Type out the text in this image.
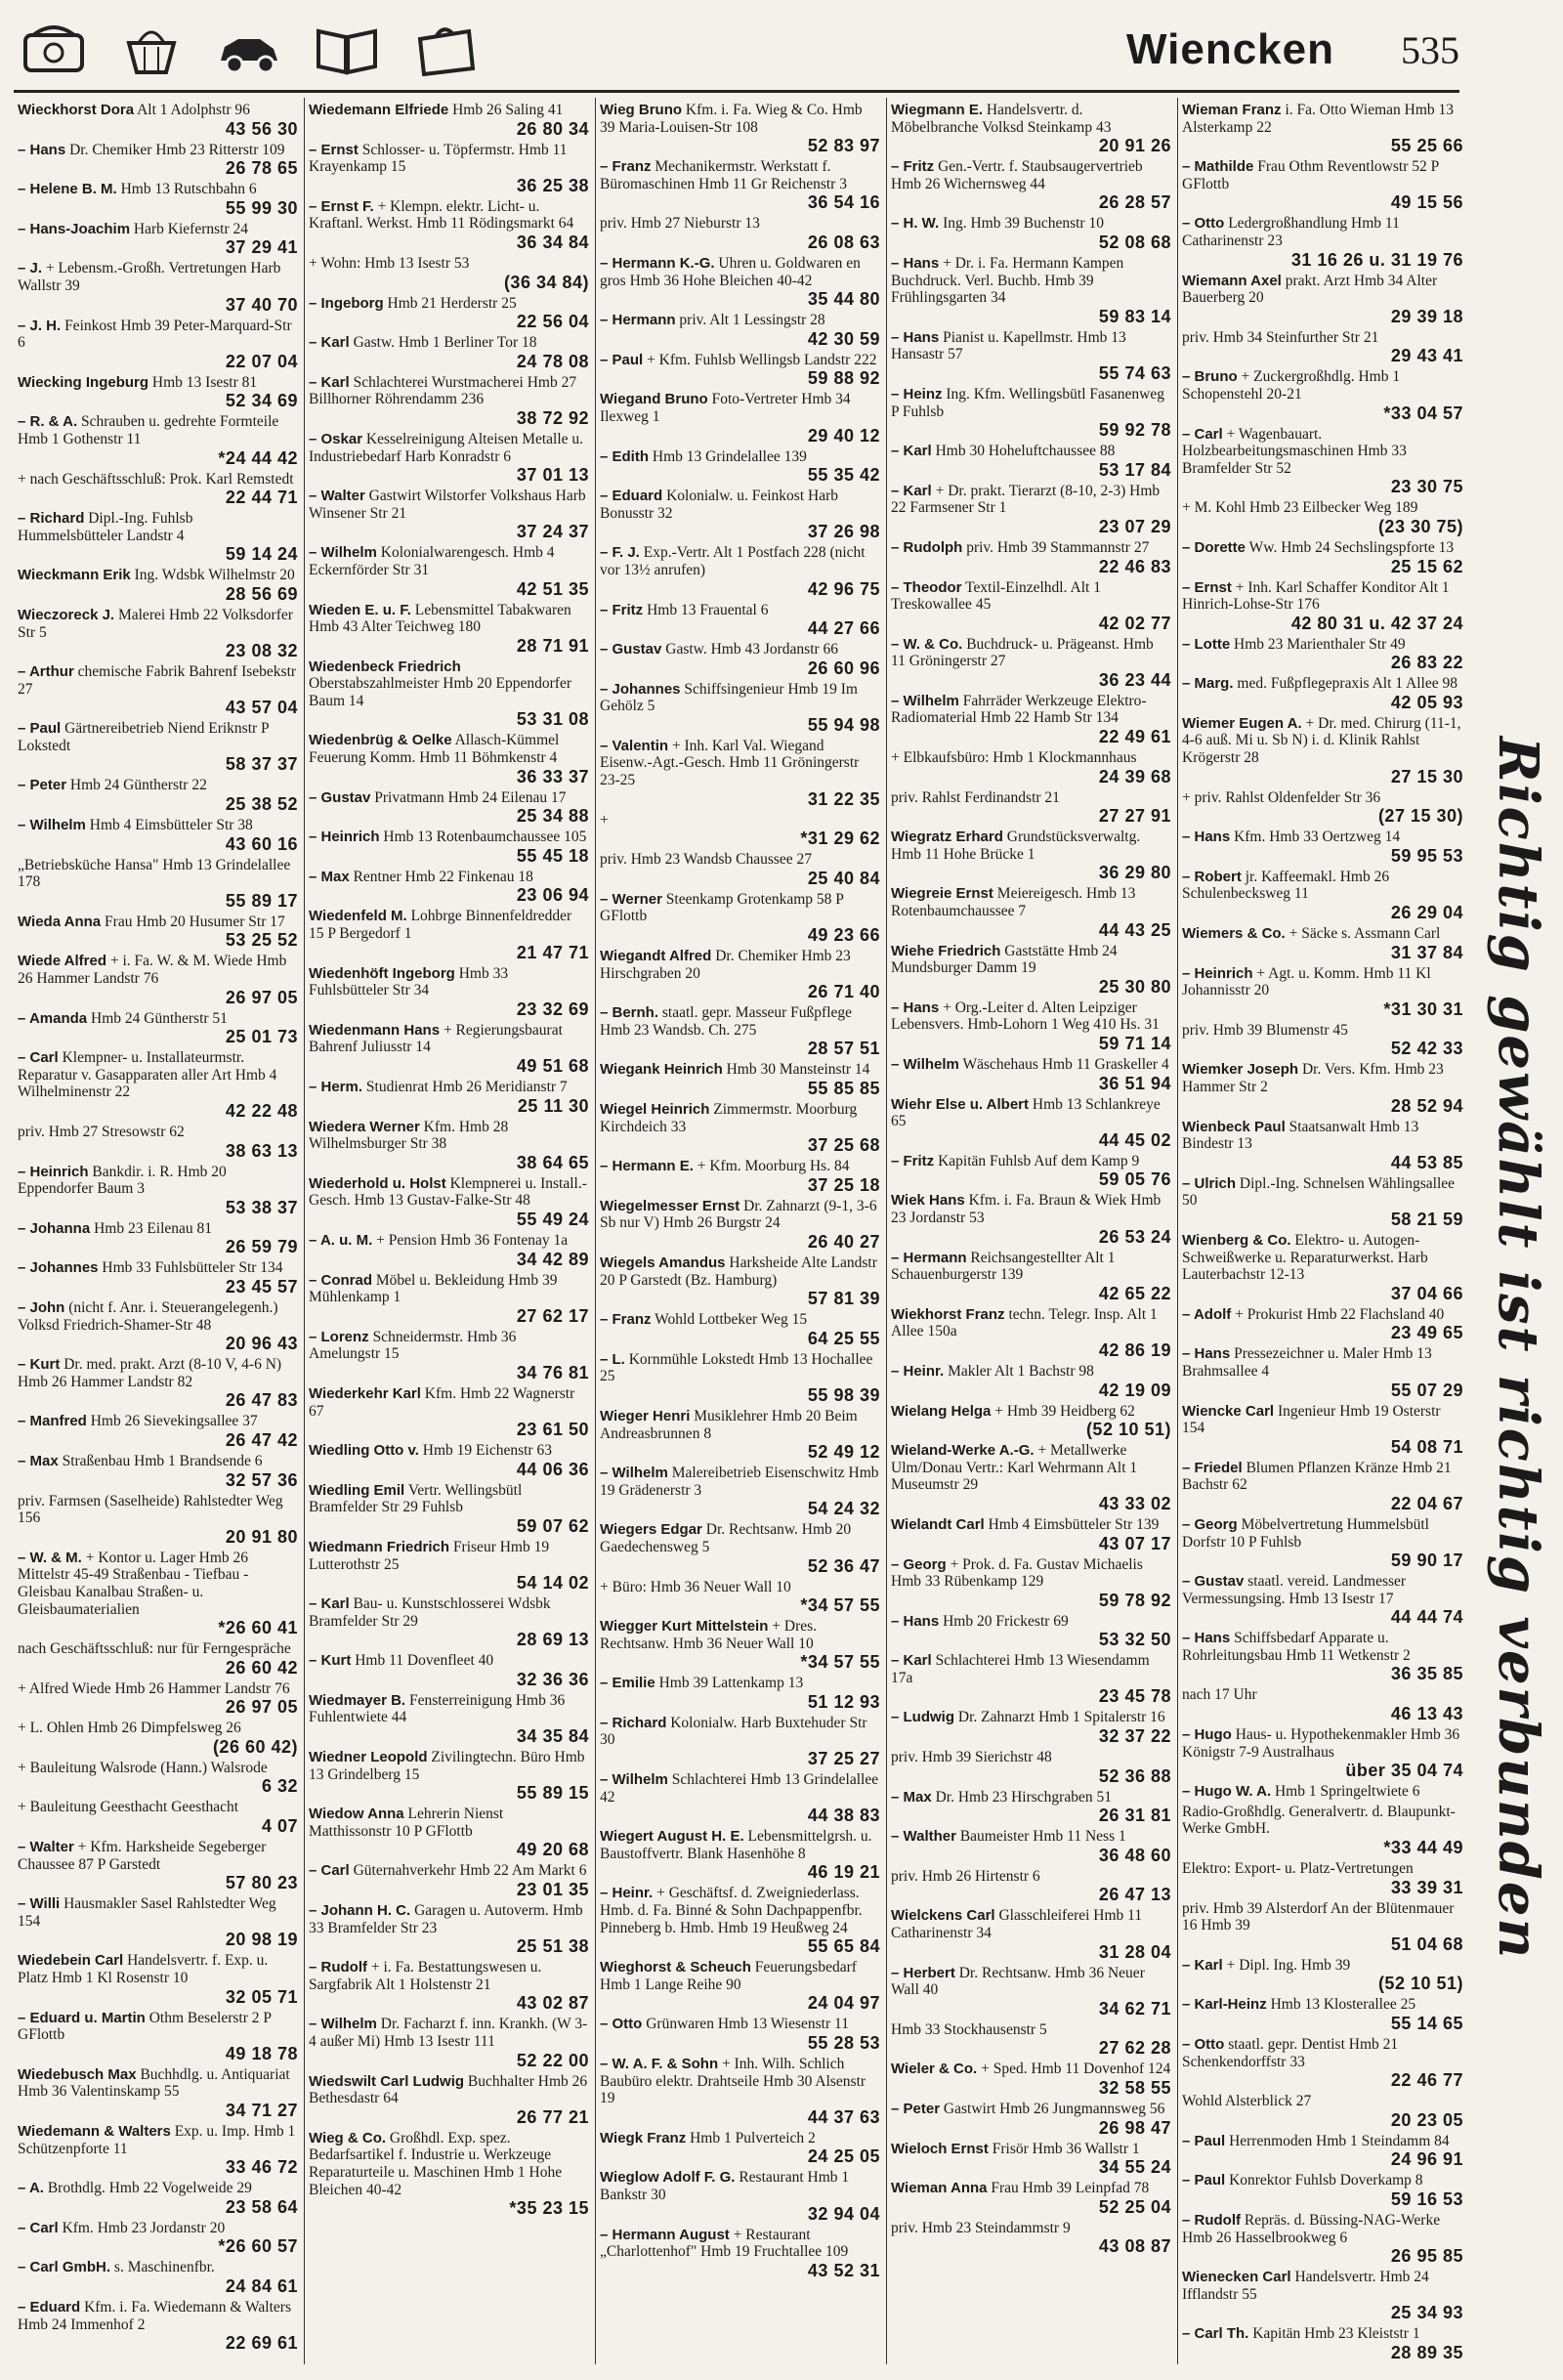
Wiencken 535
Wieckhorst Dora Alt 1 Adolphstr 96
43 56 30
– Hans Dr. Chemiker Hmb 23 Ritterstr 109
26 78 65
– Helene B. M. Hmb 13 Rutschbahn 6
55 99 30
– Hans-Joachim Harb Kiefernstr 24
37 29 41
– J. + Lebensm.-Großh. Vertretungen Harb Wallstr 39
37 40 70
– J. H. Feinkost Hmb 39 Peter-Marquard-Str 6
22 07 04
Wiecking Ingeburg Hmb 13 Isestr 81
52 34 69
– R. & A. Schrauben u. gedrehte Formteile Hmb 1 Gothenstr 11
*24 44 42
+ nach Geschäftsschluß: Prok. Karl Remstedt
22 44 71
– Richard Dipl.-Ing. Fuhlsb Hummelsbütteler Landstr 4
59 14 24
Wieckmann Erik Ing. Wdsbk Wilhelmstr 20
28 56 69
Wieczoreck J. Malerei Hmb 22 Volksdorfer Str 5
23 08 32
– Arthur chemische Fabrik Bahrenf Isebekstr 27
43 57 04
– Paul Gärtnereibetrieb Niend Eriknstr P Lokstedt
58 37 37
– Peter Hmb 24 Güntherstr 22
25 38 52
– Wilhelm Hmb 4 Eimsbütteler Str 38
43 60 16
„Betriebsküche Hansa" Hmb 13 Grindelallee 178
55 89 17
Wieda Anna Frau Hmb 20 Husumer Str 17
53 25 52
Wiede Alfred + i. Fa. W. & M. Wiede Hmb 26 Hammer Landstr 76
26 97 05
– Amanda Hmb 24 Güntherstr 51
25 01 73
– Carl Klempner- u. Installateurmstr. Reparatur v. Gasapparaten aller Art Hmb 4 Wilhelminenstr 22
42 22 48
priv. Hmb 27 Stresowstr 62
38 63 13
– Heinrich Bankdir. i. R. Hmb 20 Eppendorfer Baum 3
53 38 37
– Johanna Hmb 23 Eilenau 81
26 59 79
– Johannes Hmb 33 Fuhlsbütteler Str 134
23 45 57
– John (nicht f. Anr. i. Steuerangelegenh.) Volksd Friedrich-Shamer-Str 48
20 96 43
– Kurt Dr. med. prakt. Arzt (8-10 V, 4-6 N) Hmb 26 Hammer Landstr 82
26 47 83
– Manfred Hmb 26 Sievekingsallee 37
26 47 42
– Max Straßenbau Hmb 1 Brandsende 6
32 57 36
priv. Farmsen (Saselheide) Rahlstedter Weg 156
20 91 80
– W. & M. + Kontor u. Lager Hmb 26 Mittelstr 45-49 Straßenbau - Tiefbau - Gleisbau Kanalbau Straßen- u. Gleisbaumaterialien
*26 60 41
nach Geschäftsschluß: nur für Ferngespräche
26 60 42
+ Alfred Wiede Hmb 26 Hammer Landstr 76
26 97 05
+ L. Ohlen Hmb 26 Dimpfelsweg 26
(26 60 42)
+ Bauleitung Walsrode (Hann.) Walsrode
6 32
+ Bauleitung Geesthacht Geesthacht
4 07
– Walter + Kfm. Harksheide Segeberger Chaussee 87 P Garstedt
57 80 23
– Willi Hausmakler Sasel Rahlstedter Weg 154
20 98 19
Wiedebein Carl Handelsvertr. f. Exp. u. Platz Hmb 1 Kl Rosenstr 10
32 05 71
– Eduard u. Martin Othm Beselerstr 2 P GFlottb
49 18 78
Wiedebusch Max Buchhdlg. u. Antiquariat Hmb 36 Valentinskamp 55
34 71 27
Wiedemann & Walters Exp. u. Imp. Hmb 1 Schützenpforte 11
33 46 72
– A. Brothdlg. Hmb 22 Vogelweide 29
23 58 64
– Carl Kfm. Hmb 23 Jordanstr 20
*26 60 57
– Carl GmbH. s. Maschinenfbr.
24 84 61
– Eduard Kfm. i. Fa. Wiedemann & Walters Hmb 24 Immenhof 2
22 69 61
Wiedemann Elfriede Hmb 26 Saling 41
26 80 34
– Ernst Schlosser- u. Töpfermstr. Hmb 11 Krayenkamp 15
36 25 38
– Ernst F. + Klempn. elektr. Licht- u. Kraftanl. Werkst. Hmb 11 Rödingsmarkt 64
36 34 84
+ Wohn: Hmb 13 Isestr 53
(36 34 84)
– Ingeborg Hmb 21 Herderstr 25
22 56 04
– Karl Gastw. Hmb 1 Berliner Tor 18
24 78 08
– Karl Schlachterei Wurstmacherei Hmb 27 Billhorner Röhrendamm 236
38 72 92
– Oskar Kesselreinigung Alteisen Metalle u. Industriebedarf Harb Konradstr 6
37 01 13
– Walter Gastwirt Wilstorfer Volkshaus Harb Winsener Str 21
37 24 37
– Wilhelm Kolonialwarengesch. Hmb 4 Eckernförder Str 31
42 51 35
Wieden E. u. F. Lebensmittel Tabakwaren Hmb 43 Alter Teichweg 180
28 71 91
Wiedenbeck Friedrich Oberstabszahlmeister Hmb 20 Eppendorfer Baum 14
53 31 08
Wiedenbrüg & Oelke Allasch-Kümmel Feuerung Komm. Hmb 11 Böhmkenstr 4
36 33 37
– Gustav Privatmann Hmb 24 Eilenau 17
25 34 88
– Heinrich Hmb 13 Rotenbaumchaussee 105
55 45 18
– Max Rentner Hmb 22 Finkenau 18
23 06 94
Wiedenfeld M. Lohbrge Binnenfeldredder 15 P Bergedorf 1
21 47 71
Wiedenhöft Ingeborg Hmb 33 Fuhlsbütteler Str 34
23 32 69
Wiedenmann Hans + Regierungsbaurat Bahrenf Juliusstr 14
49 51 68
– Herm. Studienrat Hmb 26 Meridianstr 7
25 11 30
Wiedera Werner Kfm. Hmb 28 Wilhelmsburger Str 38
38 64 65
Wiederhold u. Holst Klempnerei u. Install.-Gesch. Hmb 13 Gustav-Falke-Str 48
55 49 24
– A. u. M. + Pension Hmb 36 Fontenay 1a
34 42 89
– Conrad Möbel u. Bekleidung Hmb 39 Mühlenkamp 1
27 62 17
– Lorenz Schneidermstr. Hmb 36 Amelungstr 15
34 76 81
Wiederkehr Karl Kfm. Hmb 22 Wagnerstr 67
23 61 50
Wiedling Otto v. Hmb 19 Eichenstr 63
44 06 36
Wiedling Emil Vertr. Wellingsbütl Bramfelder Str 29 Fuhlsb
59 07 62
Wiedmann Friedrich Friseur Hmb 19 Lutterothstr 25
54 14 02
– Karl Bau- u. Kunstschlosserei Wdsbk Bramfelder Str 29
28 69 13
– Kurt Hmb 11 Dovenfleet 40
32 36 36
Wiedmayer B. Fensterreinigung Hmb 36 Fuhlentwiete 44
34 35 84
Wiedner Leopold Zivilingtechn. Büro Hmb 13 Grindelberg 15
55 89 15
Wiedow Anna Lehrerin Nienst Matthissonstr 10 P GFlottb
49 20 68
– Carl Güternahverkehr Hmb 22 Am Markt 6
23 01 35
– Johann H. C. Garagen u. Autoverm. Hmb 33 Bramfelder Str 23
25 51 38
– Rudolf + i. Fa. Bestattungswesen u. Sargfabrik Alt 1 Holstenstr 21
43 02 87
– Wilhelm Dr. Facharzt f. inn. Krankh. (W 3-4 außer Mi) Hmb 13 Isestr 111
52 22 00
Wiedswilt Carl Ludwig Buchhalter Hmb 26 Bethesdastr 64
26 77 21
Wieg & Co. Großhdl. Exp. spez. Bedarfsartikel f. Industrie u. Werkzeuge Reparaturteile u. Maschinen Hmb 1 Hohe Bleichen 40-42
*35 23 15
Wieg Bruno Kfm. i. Fa. Wieg & Co. Hmb 39 Maria-Louisen-Str 108
52 83 97
– Franz Mechanikermstr. Werkstatt f. Büromaschinen Hmb 11 Gr Reichenstr 3
36 54 16
priv. Hmb 27 Nieburstr 13
26 08 63
– Hermann K.-G. Uhren u. Goldwaren en gros Hmb 36 Hohe Bleichen 40-42
35 44 80
– Hermann priv. Alt 1 Lessingstr 28
42 30 59
– Paul + Kfm. Fuhlsb Wellingsb Landstr 222
59 88 92
Wiegand Bruno Foto-Vertreter Hmb 34 Ilexweg 1
29 40 12
– Edith Hmb 13 Grindelallee 139
55 35 42
– Eduard Kolonialw. u. Feinkost Harb Bonusstr 32
37 26 98
– F. J. Exp.-Vertr. Alt 1 Postfach 228 (nicht vor 13½ anrufen)
42 96 75
– Fritz Hmb 13 Frauental 6
44 27 66
– Gustav Gastw. Hmb 43 Jordanstr 66
26 60 96
– Johannes Schiffsingenieur Hmb 19 Im Gehölz 5
55 94 98
– Valentin + Inh. Karl Val. Wiegand Eisenw.-Agt.-Gesch. Hmb 11 Gröningerstr 23-25
31 22 35
+
*31 29 62
priv. Hmb 23 Wandsb Chaussee 27
25 40 84
– Werner Steenkamp Grotenkamp 58 P GFlottb
49 23 66
Wiegandt Alfred Dr. Chemiker Hmb 23 Hirschgraben 20
26 71 40
– Bernh. staatl. gepr. Masseur Fußpflege Hmb 23 Wandsb. Ch. 275
28 57 51
Wiegank Heinrich Hmb 30 Mansteinstr 14
55 85 85
Wiegel Heinrich Zimmermstr. Moorburg Kirchdeich 33
37 25 68
– Hermann E. + Kfm. Moorburg Hs. 84
37 25 18
Wiegelmesser Ernst Dr. Zahnarzt (9-1, 3-6 Sb nur V) Hmb 26 Burgstr 24
26 40 27
Wiegels Amandus Harksheide Alte Landstr 20 P Garstedt (Bz. Hamburg)
57 81 39
– Franz Wohld Lottbeker Weg 15
64 25 55
– L. Kornmühle Lokstedt Hmb 13 Hochallee 25
55 98 39
Wieger Henri Musiklehrer Hmb 20 Beim Andreasbrunnen 8
52 49 12
– Wilhelm Malereibetrieb Eisenschwitz Hmb 19 Grädenerstr 3
54 24 32
Wiegers Edgar Dr. Rechtsanw. Hmb 20 Gaedechensweg 5
52 36 47
+ Büro: Hmb 36 Neuer Wall 10
*34 57 55
Wiegger Kurt Mittelstein + Dres. Rechtsanw. Hmb 36 Neuer Wall 10
*34 57 55
– Emilie Hmb 39 Lattenkamp 13
51 12 93
– Richard Kolonialw. Harb Buxtehuder Str 30
37 25 27
– Wilhelm Schlachterei Hmb 13 Grindelallee 42
44 38 83
Wiegert August H. E. Lebensmittelgrsh. u. Baustoffvertr. Blank Hasenhöhe 8
46 19 21
– Heinr. + Geschäftsf. d. Zweigniederlass. Hmb. d. Fa. Binné & Sohn Dachpappenfbr. Pinneberg b. Hmb. Hmb 19 Heußweg 24
55 65 84
Wieghorst & Scheuch Feuerungsbedarf Hmb 1 Lange Reihe 90
24 04 97
– Otto Grünwaren Hmb 13 Wiesenstr 11
55 28 53
– W. A. F. & Sohn + Inh. Wilh. Schlich Baubüro elektr. Drahtseile Hmb 30 Alsenstr 19
44 37 63
Wiegk Franz Hmb 1 Pulverteich 2
24 25 05
Wieglow Adolf F. G. Restaurant Hmb 1 Bankstr 30
32 94 04
– Hermann August + Restaurant „Charlottenhof" Hmb 19 Fruchtallee 109
43 52 31
Wiegmann E. Handelsvertr. d. Möbelbranche Volksd Steinkamp 43
20 91 26
– Fritz Gen.-Vertr. f. Staubsaugervertrieb Hmb 26 Wichernsweg 44
26 28 57
– H. W. Ing. Hmb 39 Buchenstr 10
52 08 68
– Hans + Dr. i. Fa. Hermann Kampen Buchdruck. Verl. Buchb. Hmb 39 Frühlingsgarten 34
59 83 14
– Hans Pianist u. Kapellmstr. Hmb 13 Hansastr 57
55 74 63
– Heinz Ing. Kfm. Wellingsbütl Fasanenweg P Fuhlsb
59 92 78
– Karl Hmb 30 Hoheluftchaussee 88
53 17 84
– Karl + Dr. prakt. Tierarzt (8-10, 2-3) Hmb 22 Farmsener Str 1
23 07 29
– Rudolph priv. Hmb 39 Stammannstr 27
22 46 83
– Theodor Textil-Einzelhdl. Alt 1 Treskowallee 45
42 02 77
– W. & Co. Buchdruck- u. Prägeanst. Hmb 11 Gröningerstr 27
36 23 44
– Wilhelm Fahrräder Werkzeuge Elektro-Radiomaterial Hmb 22 Hamb Str 134
22 49 61
+ Elbkaufsbüro: Hmb 1 Klockmannhaus
24 39 68
priv. Rahlst Ferdinandstr 21
27 27 91
Wiegratz Erhard Grundstücksverwaltg. Hmb 11 Hohe Brücke 1
36 29 80
Wiegreie Ernst Meiereigesch. Hmb 13 Rotenbaumchaussee 7
44 43 25
Wiehe Friedrich Gaststätte Hmb 24 Mundsburger Damm 19
25 30 80
– Hans + Org.-Leiter d. Alten Leipziger Lebensvers. Hmb-Lohorn 1 Weg 410 Hs. 31
59 71 14
– Wilhelm Wäschehaus Hmb 11 Graskeller 4
36 51 94
Wiehr Else u. Albert Hmb 13 Schlankreye 65
44 45 02
– Fritz Kapitän Fuhlsb Auf dem Kamp 9
59 05 76
Wiek Hans Kfm. i. Fa. Braun & Wiek Hmb 23 Jordanstr 53
26 53 24
– Hermann Reichsangestellter Alt 1 Schauenburgerstr 139
42 65 22
Wiekhorst Franz techn. Telegr. Insp. Alt 1 Allee 150a
42 86 19
– Heinr. Makler Alt 1 Bachstr 98
42 19 09
Wielang Helga + Hmb 39 Heidberg 62
(52 10 51)
Wieland-Werke A.-G. + Metallwerke Ulm/Donau Vertr.: Karl Wehrmann Alt 1 Museumstr 29
43 33 02
Wielandt Carl Hmb 4 Eimsbütteler Str 139
43 07 17
– Georg + Prok. d. Fa. Gustav Michaelis Hmb 33 Rübenkamp 129
59 78 92
– Hans Hmb 20 Frickestr 69
53 32 50
– Karl Schlachterei Hmb 13 Wiesendamm 17a
23 45 78
– Ludwig Dr. Zahnarzt Hmb 1 Spitalerstr 16
32 37 22
priv. Hmb 39 Sierichstr 48
52 36 88
– Max Dr. Hmb 23 Hirschgraben 51
26 31 81
– Walther Baumeister Hmb 11 Ness 1
36 48 60
priv. Hmb 26 Hirtenstr 6
26 47 13
Wielckens Carl Glasschleiferei Hmb 11 Catharinenstr 34
31 28 04
– Herbert Dr. Rechtsanw. Hmb 36 Neuer Wall 40
34 62 71
Hmb 33 Stockhausenstr 5
27 62 28
Wieler & Co. + Sped. Hmb 11 Dovenhof 124
32 58 55
– Peter Gastwirt Hmb 26 Jungmannsweg 56
26 98 47
Wieloch Ernst Frisör Hmb 36 Wallstr 1
34 55 24
Wieman Anna Frau Hmb 39 Leinpfad 78
52 25 04
priv. Hmb 23 Steindammstr 9
43 08 87
Wieman Franz i. Fa. Otto Wieman Hmb 13 Alsterkamp 22
55 25 66
– Mathilde Frau Othm Reventlowstr 52 P GFlottb
49 15 56
– Otto Ledergroßhandlung Hmb 11 Catharinenstr 23
31 16 26 u. 31 19 76
Wiemann Axel prakt. Arzt Hmb 34 Alter Bauerberg 20
29 39 18
priv. Hmb 34 Steinfurther Str 21
29 43 41
– Bruno + Zuckergroßhdlg. Hmb 1 Schopenstehl 20-21
*33 04 57
– Carl + Wagenbauart. Holzbearbeitungsmaschinen Hmb 33 Bramfelder Str 52
23 30 75
+ M. Kohl Hmb 23 Eilbecker Weg 189
(23 30 75)
– Dorette Ww. Hmb 24 Sechslingspforte 13
25 15 62
– Ernst + Inh. Karl Schaffer Konditor Alt 1 Hinrich-Lohse-Str 176
42 80 31 u. 42 37 24
– Lotte Hmb 23 Marienthaler Str 49
26 83 22
– Marg. med. Fußpflegepraxis Alt 1 Allee 98
42 05 93
Wiemer Eugen A. + Dr. med. Chirurg (11-1, 4-6 auß. Mi u. Sb N) i. d. Klinik Rahlst Krögerstr 28
27 15 30
+ priv. Rahlst Oldenfelder Str 36
(27 15 30)
– Hans Kfm. Hmb 33 Oertzweg 14
59 95 53
– Robert jr. Kaffeemakl. Hmb 26 Schulenbecksweg 11
26 29 04
Wiemers & Co. + Säcke s. Assmann Carl
31 37 84
– Heinrich + Agt. u. Komm. Hmb 11 Kl Johannisstr 20
*31 30 31
priv. Hmb 39 Blumenstr 45
52 42 33
Wiemker Joseph Dr. Vers. Kfm. Hmb 23 Hammer Str 2
28 52 94
Wienbeck Paul Staatsanwalt Hmb 13 Bindestr 13
44 53 85
– Ulrich Dipl.-Ing. Schnelsen Wählingsallee 50
58 21 59
Wienberg & Co. Elektro- u. Autogen-Schweißwerke u. Reparaturwerkst. Harb Lauterbachstr 12-13
37 04 66
– Adolf + Prokurist Hmb 22 Flachsland 40
23 49 65
– Hans Pressezeichner u. Maler Hmb 13 Brahmsallee 4
55 07 29
Wiencke Carl Ingenieur Hmb 19 Osterstr 154
54 08 71
– Friedel Blumen Pflanzen Kränze Hmb 21 Bachstr 62
22 04 67
– Georg Möbelvertretung Hummelsbütl Dorfstr 10 P Fuhlsb
59 90 17
– Gustav staatl. vereid. Landmesser Vermessungsing. Hmb 13 Isestr 17
44 44 74
– Hans Schiffsbedarf Apparate u. Rohrleitungsbau Hmb 11 Wetkenstr 2
36 35 85
nach 17 Uhr
46 13 43
– Hugo Haus- u. Hypothekenmakler Hmb 36 Königstr 7-9 Australhaus
über 35 04 74
– Hugo W. A. Hmb 1 Springeltwiete 6
Radio-Großhdlg. Generalvertr. d. Blaupunkt-Werke GmbH.
*33 44 49
Elektro: Export- u. Platz-Vertretungen
33 39 31
priv. Hmb 39 Alsterdorf An der Blütenmauer 16 Hmb 39
51 04 68
– Karl + Dipl. Ing. Hmb 39
(52 10 51)
– Karl-Heinz Hmb 13 Klosterallee 25
55 14 65
– Otto staatl. gepr. Dentist Hmb 21 Schenkendorffstr 33
22 46 77
Wohld Alsterblick 27
20 23 05
– Paul Herrenmoden Hmb 1 Steindamm 84
24 96 91
– Paul Konrektor Fuhlsb Doverkamp 8
59 16 53
– Rudolf Repräs. d. Büssing-NAG-Werke Hmb 26 Hasselbrookweg 6
26 95 85
Wienecken Carl Handelsvertr. Hmb 24 Ifflandstr 55
25 34 93
– Carl Th. Kapitän Hmb 23 Kleiststr 1
28 89 35
Richtig gewählt ist richtig verbunden
